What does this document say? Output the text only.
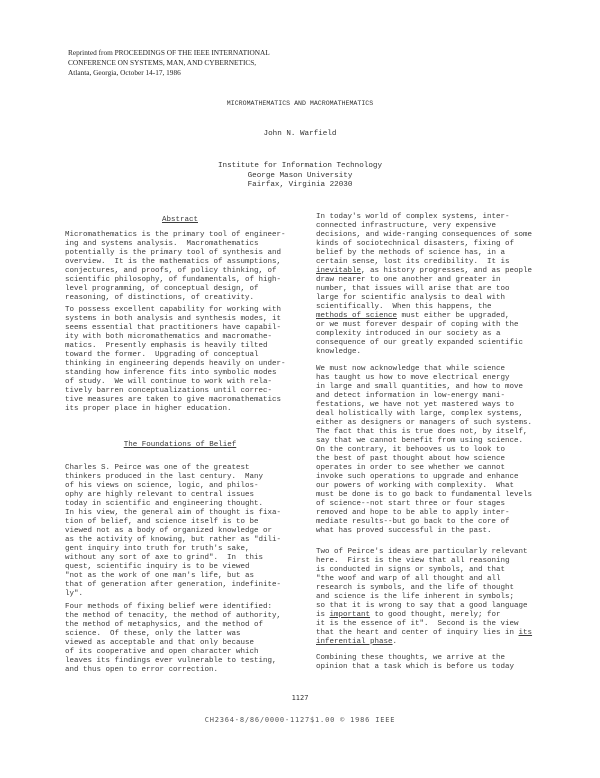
Reprinted from PROCEEDINGS OF THE IEEE INTERNATIONAL
CONFERENCE ON SYSTEMS, MAN, AND CYBERNETICS,
Atlanta, Georgia, October 14-17, 1986
MICROMATHEMATICS AND MACROMATHEMATICS
John N. Warfield
Institute for Information Technology
George Mason University
Fairfax, Virginia 22030
Abstract
Micromathematics is the primary tool of engineer-
ing and systems analysis.  Macromathematics
potentially is the primary tool of synthesis and
overview.  It is the mathematics of assumptions,
conjectures, and proofs, of policy thinking, of
scientific philosophy, of fundamentals, of high-
level programming, of conceptual design, of
reasoning, of distinctions, of creativity.
To possess excellent capability for working with
systems in both analysis and synthesis modes, it
seems essential that practitioners have capabil-
ity with both micromathematics and macromathe-
matics.  Presently emphasis is heavily tilted
toward the former.  Upgrading of conceptual
thinking in engineering depends heavily on under-
standing how inference fits into symbolic modes
of study.  We will continue to work with rela-
tively barren conceptualizations until correc-
tive measures are taken to give macromathematics
its proper place in higher education.
The Foundations of Belief
Charles S. Peirce was one of the greatest
thinkers produced in the last century.  Many
of his views on science, logic, and philos-
ophy are highly relevant to central issues
today in scientific and engineering thought.
In his view, the general aim of thought is fixa-
tion of belief, and science itself is to be
viewed not as a body of organized knowledge or
as the activity of knowing, but rather as "dili-
gent inquiry into truth for truth's sake,
without any sort of axe to grind".  In  this
quest, scientific inquiry is to be viewed
"not as the work of one man's life, but as
that of generation after generation, indefinite-
ly".
Four methods of fixing belief were identified:
the method of tenacity, the method of authority,
the method of metaphysics, and the method of
science.  Of these, only the latter was
viewed as acceptable and that only because
of its cooperative and open character which
leaves its findings ever vulnerable to testing,
and thus open to error correction.
In today's world of complex systems, inter-
connected infrastructure, very expensive
decisions, and wide-ranging consequences of some
kinds of sociotechnical disasters, fixing of
belief by the methods of science has, in a
certain sense, lost its credibility.  It is
inevitable, as history progresses, and as people
draw nearer to one another and greater in
number, that issues will arise that are too
large for scientific analysis to deal with
scientifically.  When this happens, the
methods of science must either be upgraded,
or we must forever despair of coping with the
complexity introduced in our society as a
consequence of our greatly expanded scientific
knowledge.
We must now acknowledge that while science
has taught us how to move electrical energy
in large and small quantities, and how to move
and detect information in low-energy mani-
festations, we have not yet mastered ways to
deal holistically with large, complex systems,
either as designers or managers of such systems.
The fact that this is true does not, by itself,
say that we cannot benefit from using science.
On the contrary, it behooves us to look to
the best of past thought about how science
operates in order to see whether we cannot
invoke such operations to upgrade and enhance
our powers of working with complexity.  What
must be done is to go back to fundamental levels
of science--not start three or four stages
removed and hope to be able to apply inter-
mediate results--but go back to the core of
what has proved successful in the past.
Two of Peirce's ideas are particularly relevant
here.  First is the view that all reasoning
is conducted in signs or symbols, and that
"the woof and warp of all thought and all
research is symbols, and the life of thought
and science is the life inherent in symbols;
so that it is wrong to say that a good language
is important to good thought, merely; for
it is the essence of it".  Second is the view
that the heart and center of inquiry lies in its
inferential phase.
Combining these thoughts, we arrive at the
opinion that a task which is before us today
1127
CH2364-8/86/0000-1127$1.00 © 1986 IEEE
